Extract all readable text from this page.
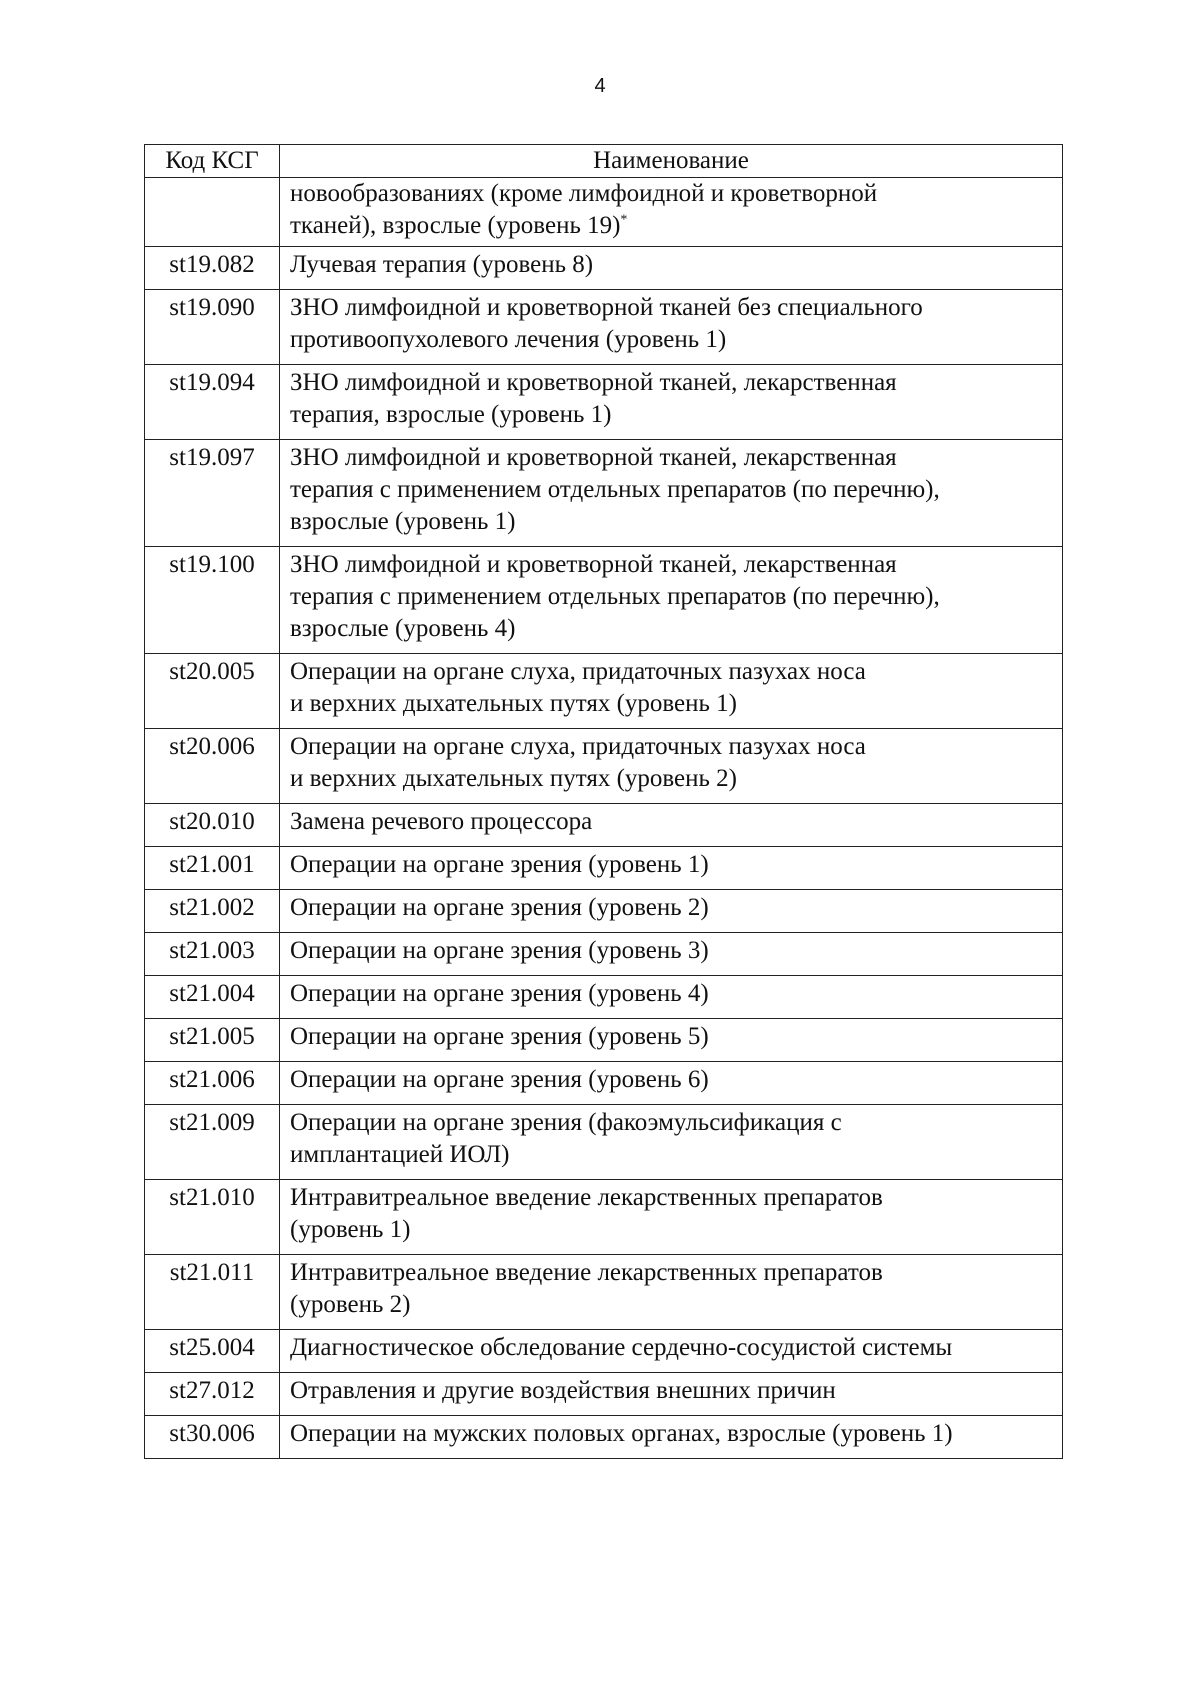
4
Код КСГ	Наименование

	новообразованиях (кроме лимфоидной и кроветворной
тканей), взрослые (уровень 19)*

st19.082	Лучевая терапия (уровень 8)

st19.090	ЗНО лимфоидной и кроветворной тканей без специального
противоопухолевого лечения (уровень 1)

st19.094	ЗНО лимфоидной и кроветворной тканей, лекарственная
терапия, взрослые (уровень 1)

st19.097	ЗНО лимфоидной и кроветворной тканей, лекарственная
терапия с применением отдельных препаратов (по перечню),
взрослые (уровень 1)

st19.100	ЗНО лимфоидной и кроветворной тканей, лекарственная
терапия с применением отдельных препаратов (по перечню),
взрослые (уровень 4)

st20.005	Операции на органе слуха, придаточных пазухах носа
и верхних дыхательных путях (уровень 1)

st20.006	Операции на органе слуха, придаточных пазухах носа
и верхних дыхательных путях (уровень 2)

st20.010	Замена речевого процессора

st21.001	Операции на органе зрения (уровень 1)

st21.002	Операции на органе зрения (уровень 2)

st21.003	Операции на органе зрения (уровень 3)

st21.004	Операции на органе зрения (уровень 4)

st21.005	Операции на органе зрения (уровень 5)

st21.006	Операции на органе зрения (уровень 6)

st21.009	Операции на органе зрения (факоэмульсификация с
имплантацией ИОЛ)

st21.010	Интравитреальное введение лекарственных препаратов
(уровень 1)

st21.011	Интравитреальное введение лекарственных препаратов
(уровень 2)

st25.004	Диагностическое обследование сердечно-сосудистой системы

st27.012	Отравления и другие воздействия внешних причин

st30.006	Операции на мужских половых органах, взрослые (уровень 1)
